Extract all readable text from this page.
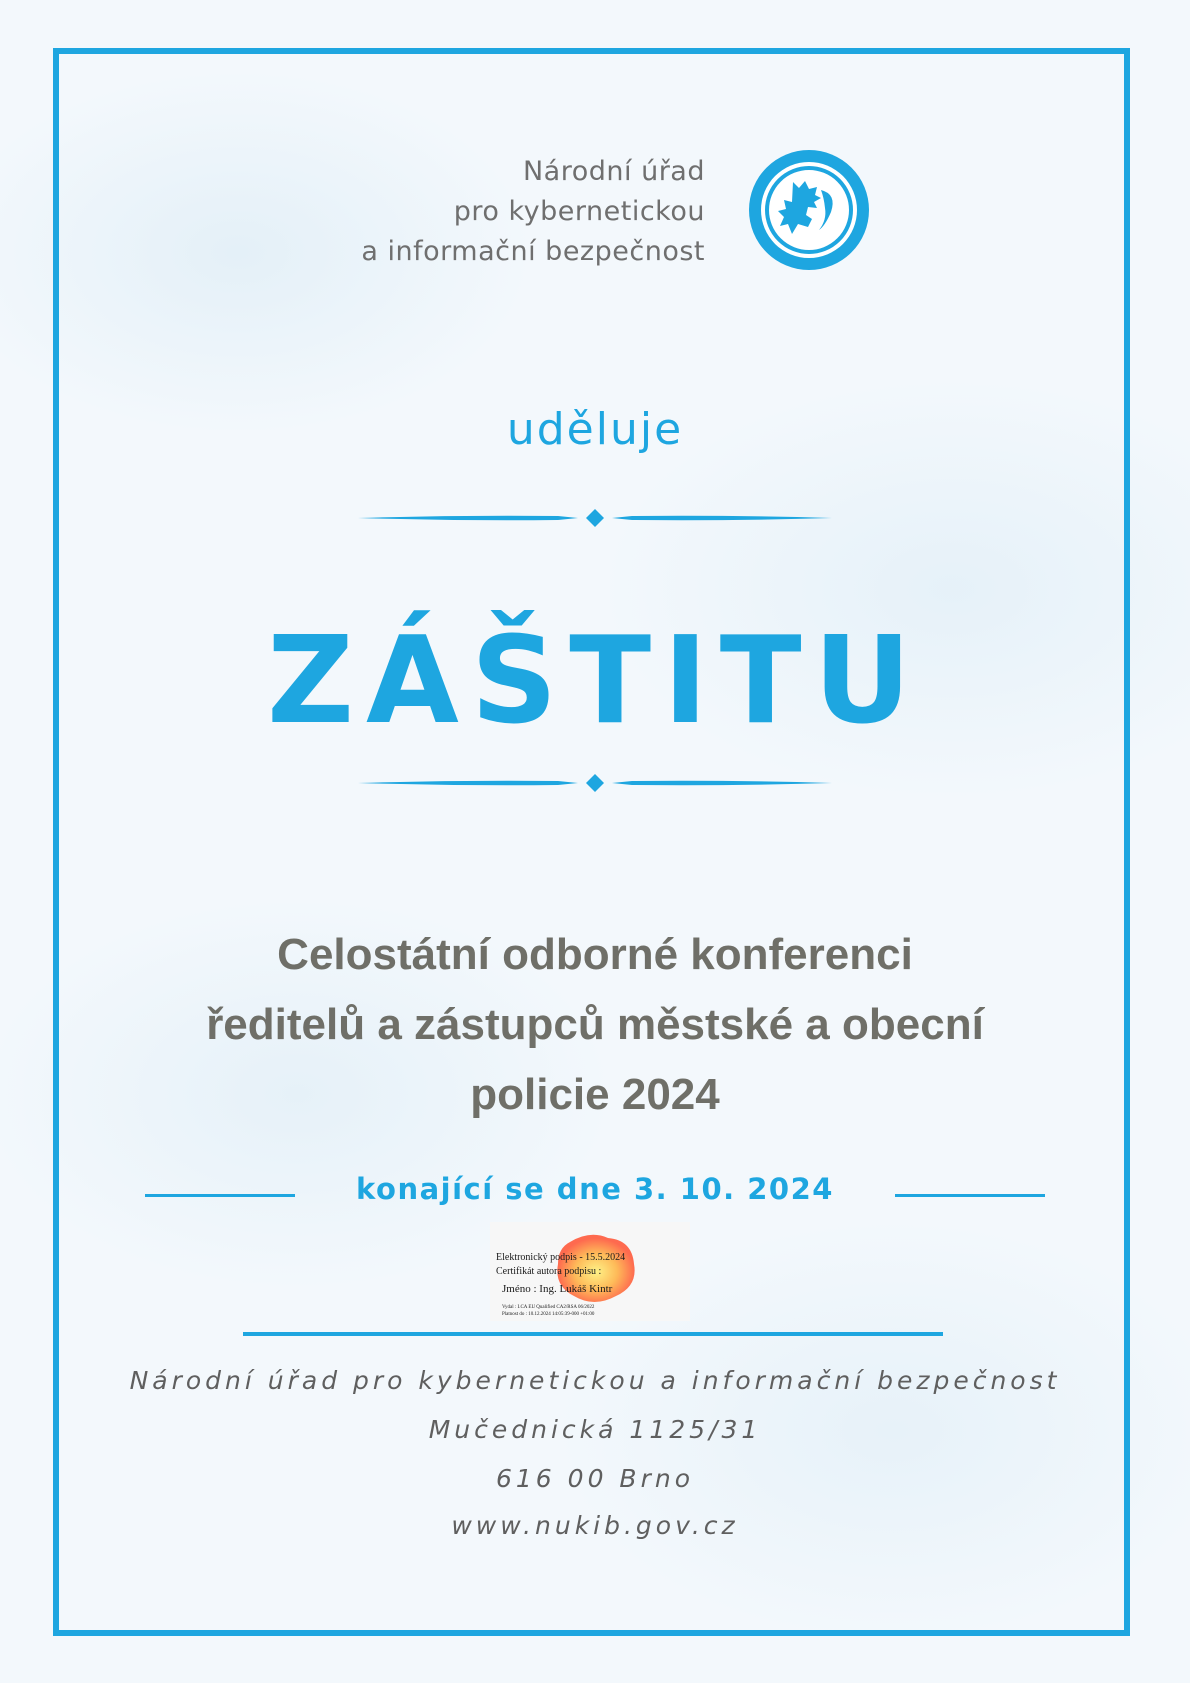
Národní úřad
pro kybernetickou
a informační bezpečnost
uděluje
ZÁŠTITU
Celostátní odborné konferenci
ředitelů a zástupců městské a obecní
policie 2024
konající se dne 3. 10. 2024
Elektronický podpis - 15.5.2024
Certifikát autora podpisu :
Jméno : Ing. Lukáš Kintr
Vydal : I.CA EU Qualified CA2/RSA 06/2022
Platnost do : 10.12.2024 14:05:39-000 +01:00
Národní úřad pro kybernetickou a informační bezpečnost
Mučednická 1125/31
616 00 Brno
www.nukib.gov.cz
